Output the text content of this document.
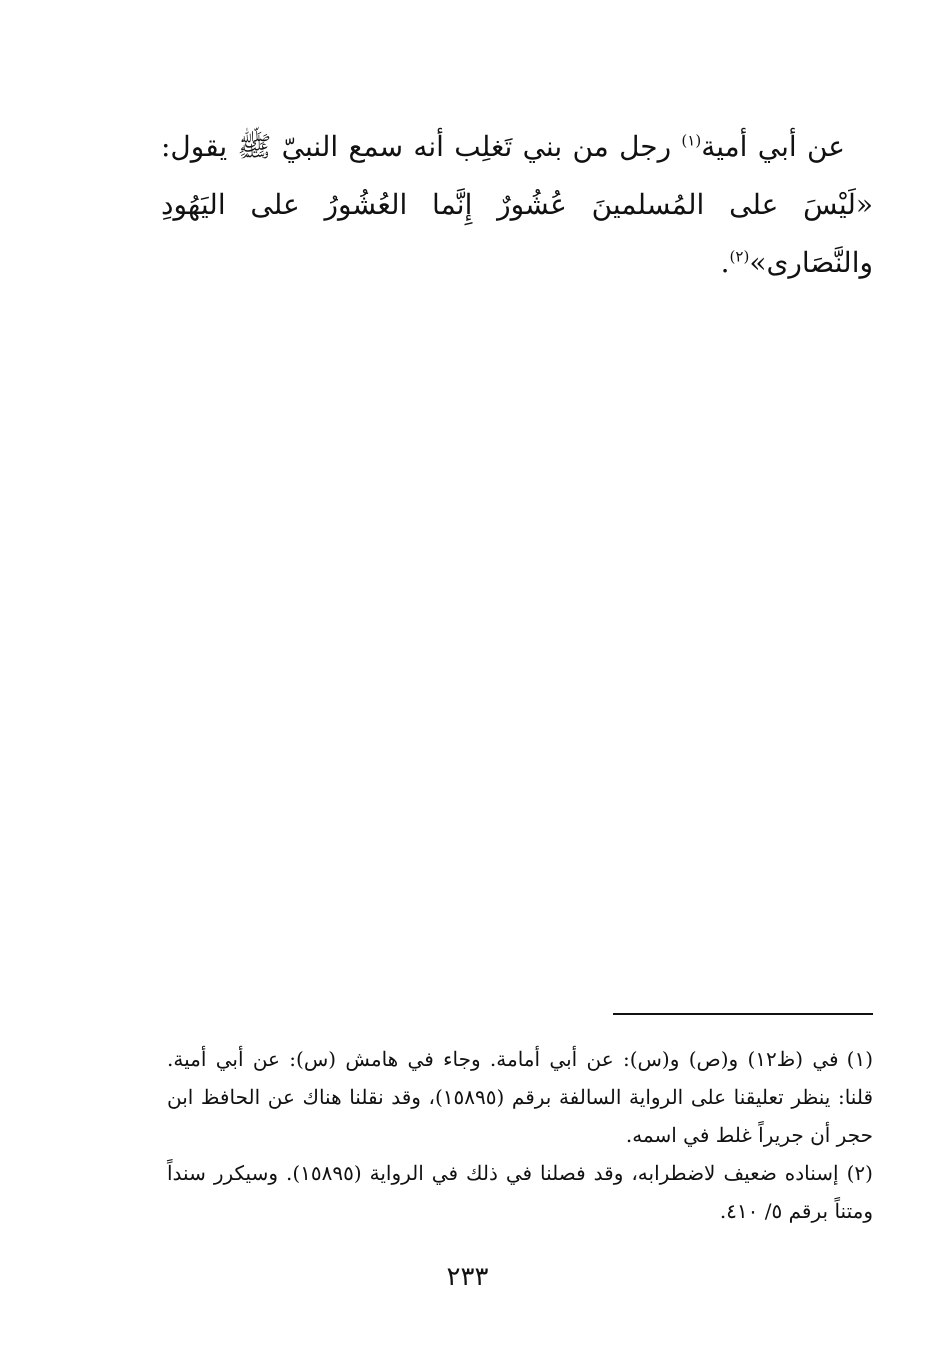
عن أبي أمية$^{(١)}$ رجل من بني تَغلِب أنه سمع النبيّ ﷺ يقول: «لَيْسَ على المُسلمينَ عُشُورٌ إِنَّما العُشُورُ على اليَهُودِ والنَّصَارى»$^{(٢)}$.

(١)في (ظ١٢) و(ص) و(س): عن أبي أمامة. وجاء في هامش (س): عن أبي أمية. قلنا: ينظر تعليقنا على الرواية السالفة برقم (١٥٨٩٥)، وقد نقلنا هناك عن الحافظ ابن حجر أن جريراً غلط في اسمه.

(٢)إسناده ضعيف لاضطرابه، وقد فصلنا في ذلك في الرواية (١٥٨٩٥). وسيكرر سنداً ومتناً برقم ٥/ ٤١٠.

٢٣٣
